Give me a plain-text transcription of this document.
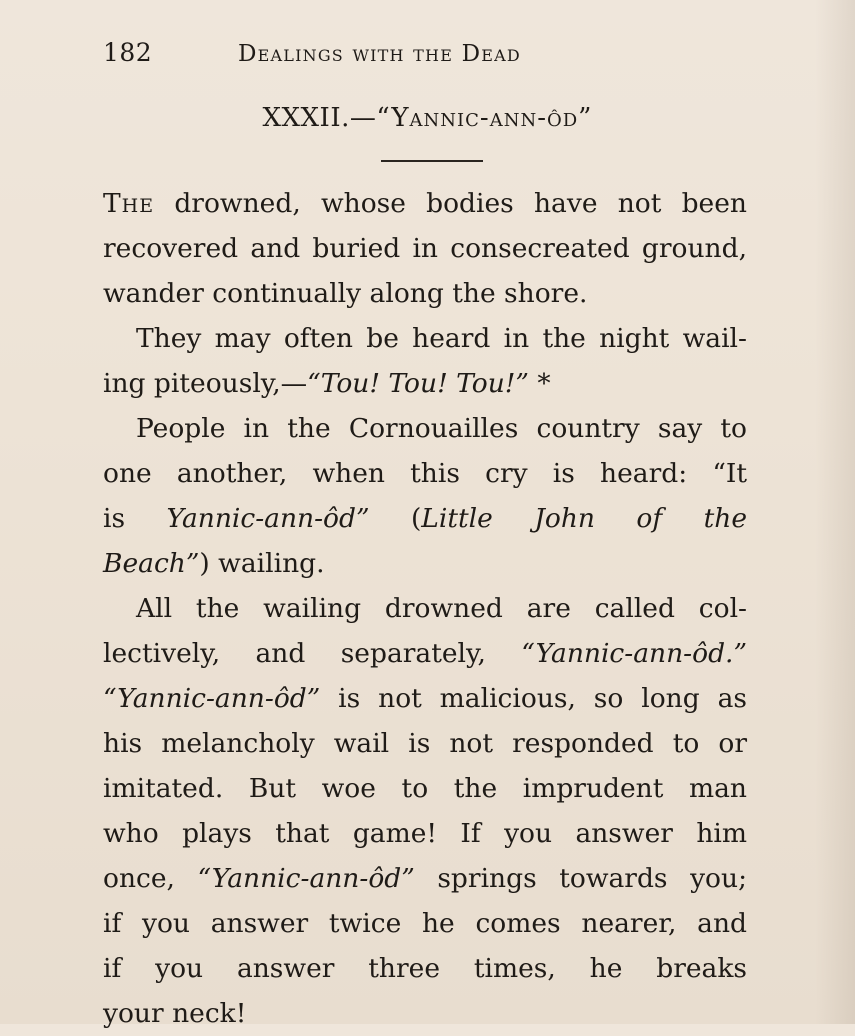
182	Dealings with the Dead
XXXII.—“Yannic-ann-ôd”
The drowned, whose bodies have not been
recovered and buried in consecreated ground,
wander continually along the shore.
They may often be heard in the night wail-
ing piteously,—“Tou! Tou! Tou!” *
People in the Cornouailles country say to
one another, when this cry is heard: “It
is Yannic-ann-ôd” (Little John of the
Beach”) wailing.
All the wailing drowned are called col-
lectively, and separately, “Yannic-ann-ôd.”
“Yannic-ann-ôd” is not malicious, so long as
his melancholy wail is not responded to or
imitated. But woe to the imprudent man
who plays that game! If you answer him
once, “Yannic-ann-ôd” springs towards you;
if you answer twice he comes nearer, and
if you answer three times, he breaks
your neck!
